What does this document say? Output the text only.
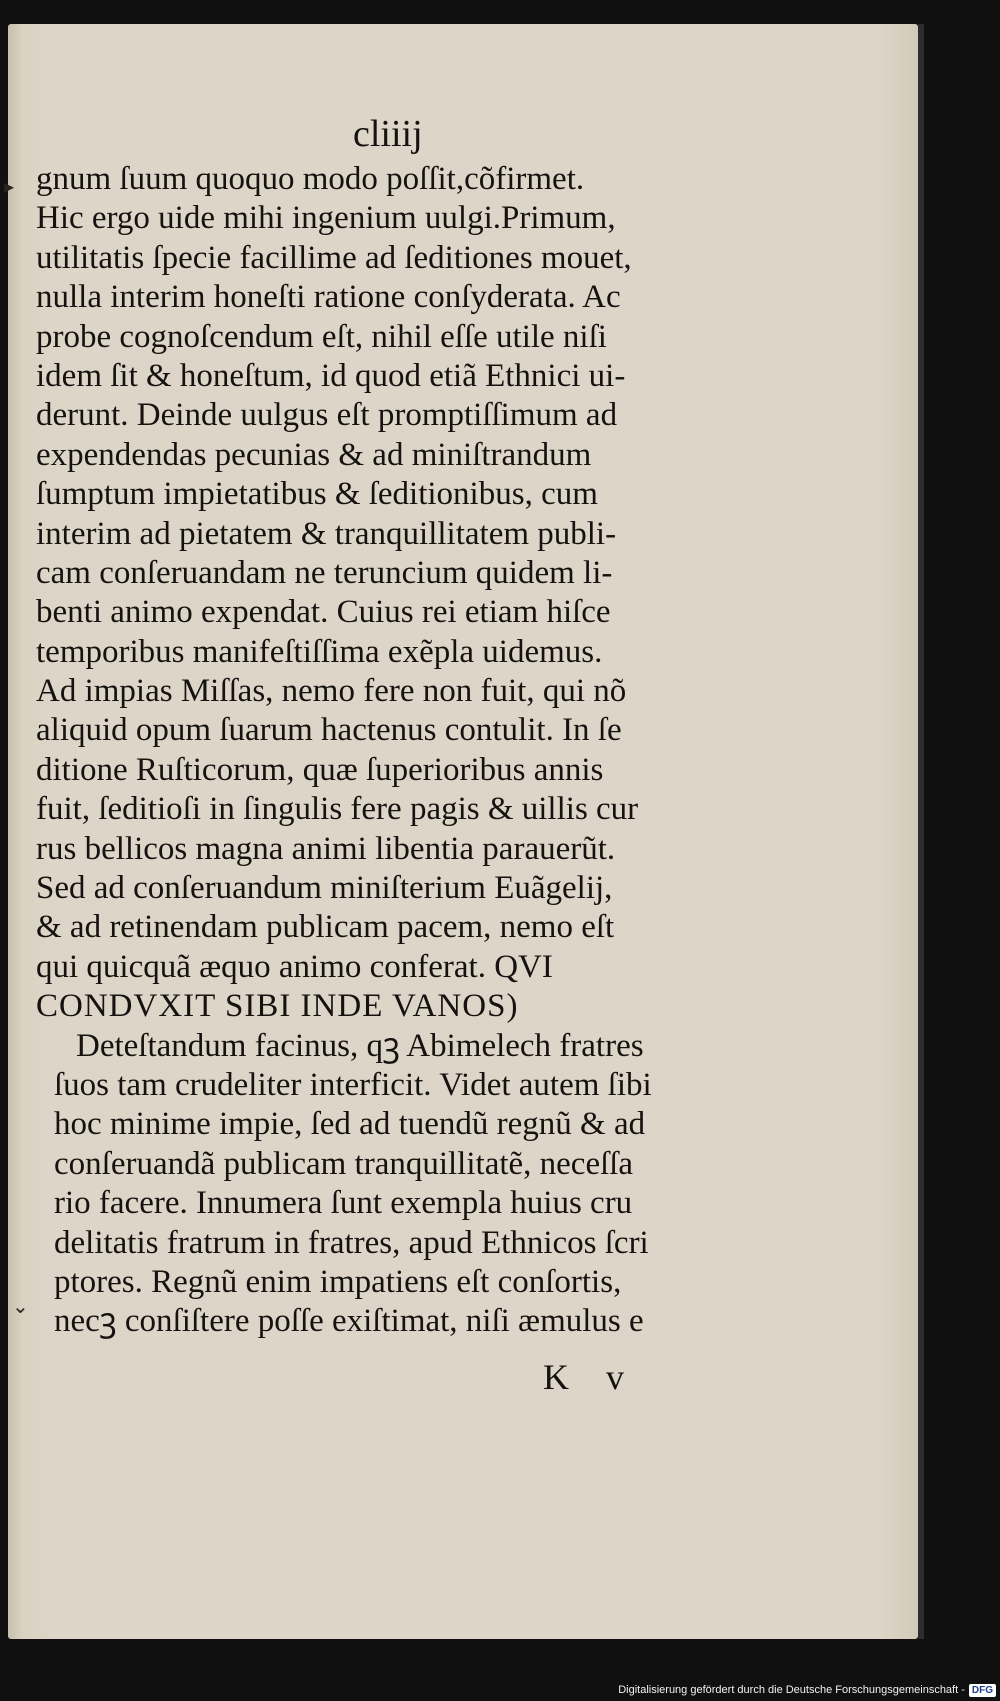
cliiij
gnum ſuum quoquo modo poſſit,cõfirmet.
Hic ergo uide mihi ingenium uulgi.Primum,
utilitatis ſpecie facillime ad ſeditiones mouet,
nulla interim honeſti ratione conſyderata. Ac
probe cognoſcendum eſt, nihil eſſe utile niſi
idem ſit & honeſtum, id quod etiã Ethnici ui-
derunt. Deinde uulgus eſt promptiſſimum ad
expendendas pecunias & ad miniſtrandum
ſumptum impietatibus & ſeditionibus, cum
interim ad pietatem & tranquillitatem publi-
cam conſeruandam ne teruncium quidem li-
benti animo expendat. Cuius rei etiam hiſce
temporibus manifeſtiſſima exẽpla uidemus.
Ad impias Miſſas, nemo fere non fuit, qui nõ
aliquid opum ſuarum hactenus contulit. In ſe
ditione Ruſticorum, quæ ſuperioribus annis
fuit, ſeditioſi in ſingulis fere pagis & uillis cur
rus bellicos magna animi libentia parauerũt.
Sed ad conſeruandum miniſterium Euãgelij,
& ad retinendam publicam pacem, nemo eſt
qui quicquã æquo animo conferat. QVI
CONDVXIT SIBI INDE VANOS)
Deteſtandum facinus, qꝫ Abimelech fratres
ſuos tam crudeliter interficit. Videt autem ſibi
hoc minime impie, ſed ad tuendũ regnũ & ad
conſeruandã publicam tranquillitatẽ, neceſſa
rio facere. Innumera ſunt exempla huius cru
delitatis fratrum in fratres, apud Ethnicos ſcri
ptores. Regnũ enim impatiens eſt conſortis,
necꝫ conſiſtere poſſe exiſtimat, niſi æmulus e
K v
▸
⌄
Digitalisierung gefördert durch die Deutsche Forschungsgemeinschaft - DFG
